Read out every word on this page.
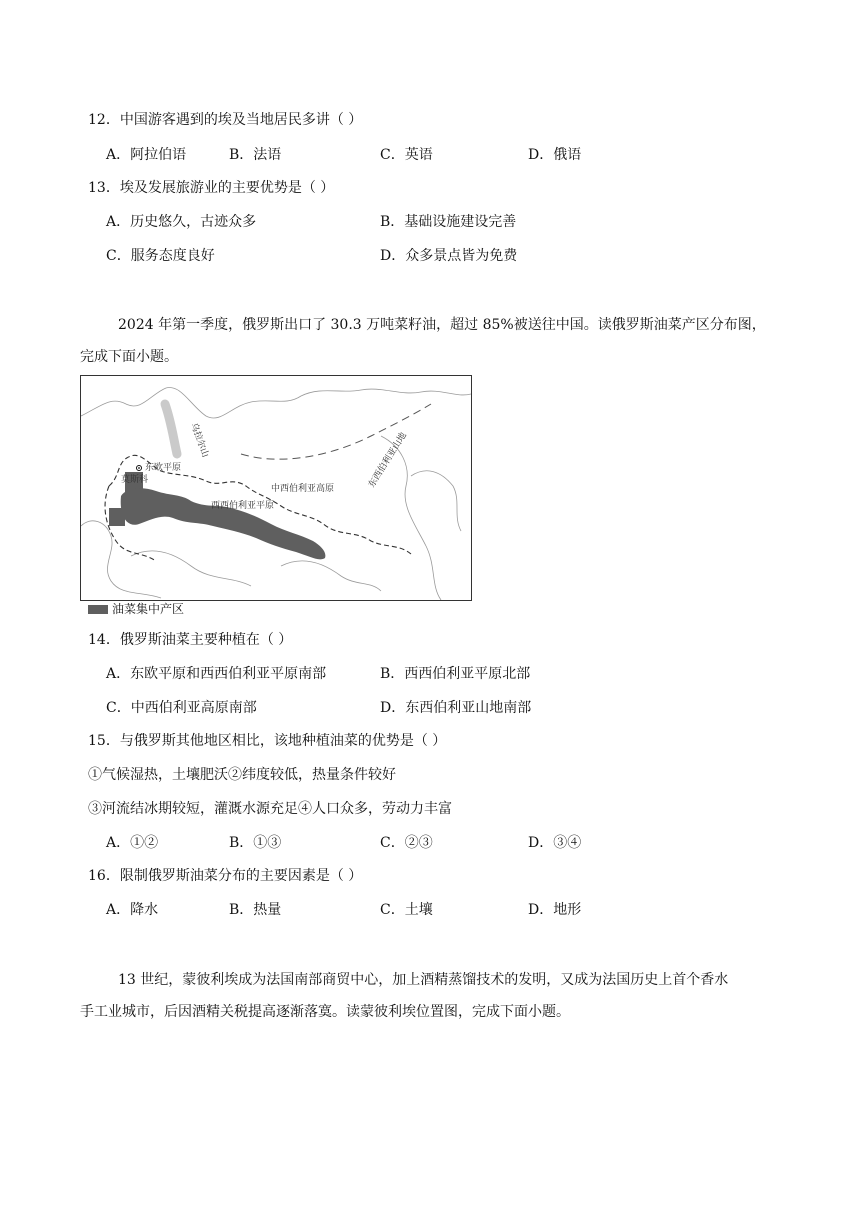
12．中国游客遇到的埃及当地居民多讲（ ）
A．阿拉伯语	B．法语	C．英语	D．俄语
13．埃及发展旅游业的主要优势是（ ）
A．历史悠久，古迹众多	B．基础设施建设完善
C．服务态度良好	D．众多景点皆为免费
2024 年第一季度，俄罗斯出口了 30.3 万吨菜籽油，超过 85%被送往中国。读俄罗斯油菜产区分布图，
完成下面小题。
乌拉尔山
东欧平原
莫斯科
西西伯利亚平原
中西伯利亚高原	东西伯利亚山地
油菜集中产区
14．俄罗斯油菜主要种植在（ ）
A．东欧平原和西西伯利亚平原南部	B．西西伯利亚平原北部
C．中西伯利亚高原南部	D．东西伯利亚山地南部
15．与俄罗斯其他地区相比，该地种植油菜的优势是（ ）
①气候湿热，土壤肥沃②纬度较低，热量条件较好
③河流结冰期较短，灌溉水源充足④人口众多，劳动力丰富
A．①②	B．①③	C．②③	D．③④
16．限制俄罗斯油菜分布的主要因素是（ ）
A．降水	B．热量	C．土壤	D．地形
13 世纪，蒙彼利埃成为法国南部商贸中心，加上酒精蒸馏技术的发明，又成为法国历史上首个香水
手工业城市，后因酒精关税提高逐渐落寞。读蒙彼利埃位置图，完成下面小题。
